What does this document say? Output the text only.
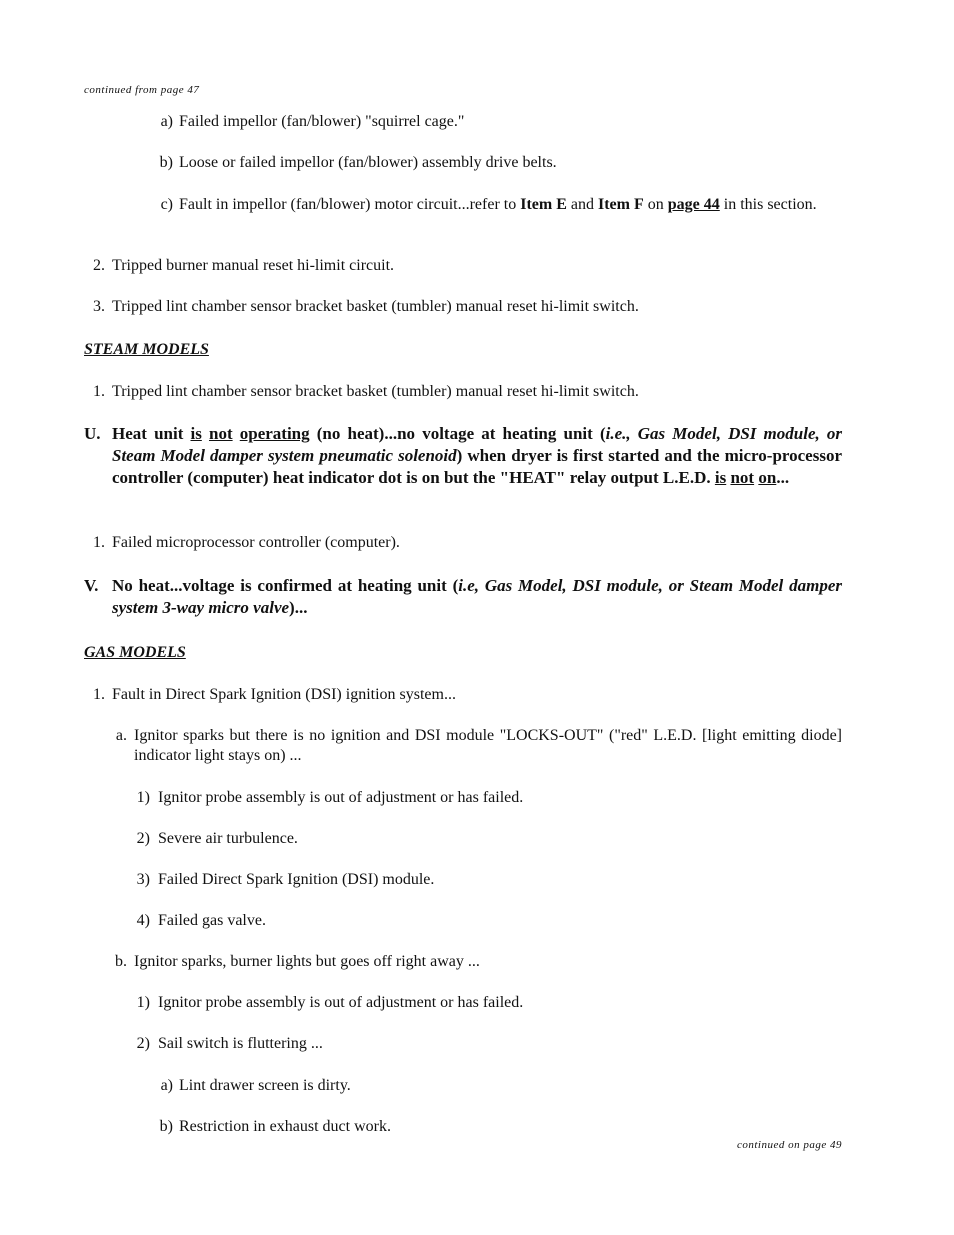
continued from page 47
a) Failed impellor (fan/blower) "squirrel cage."
b) Loose or failed impellor (fan/blower) assembly drive belts.
c) Fault in impellor (fan/blower) motor circuit...refer to Item E and Item F on page 44 in this section.
2. Tripped burner manual reset hi-limit circuit.
3. Tripped lint chamber sensor bracket basket (tumbler) manual reset hi-limit switch.
STEAM MODELS
1. Tripped lint chamber sensor bracket basket (tumbler) manual reset hi-limit switch.
U. Heat unit is not operating (no heat)...no voltage at heating unit (i.e., Gas Model, DSI module, or Steam Model damper system pneumatic solenoid) when dryer is first started and the micro-processor controller (computer) heat indicator dot is on but the "HEAT" relay output L.E.D. is not on...
1. Failed microprocessor controller (computer).
V. No heat...voltage is confirmed at heating unit (i.e, Gas Model, DSI module, or Steam Model damper system 3-way micro valve)...
GAS MODELS
1. Fault in Direct Spark Ignition (DSI) ignition system...
a. Ignitor sparks but there is no ignition and DSI module "LOCKS-OUT" ("red" L.E.D. [light emitting diode] indicator light stays on) ...
1) Ignitor probe assembly is out of adjustment or has failed.
2) Severe air turbulence.
3) Failed Direct Spark Ignition (DSI) module.
4) Failed gas valve.
b. Ignitor sparks, burner lights but goes off right away ...
1) Ignitor probe assembly is out of adjustment or has failed.
2) Sail switch is fluttering ...
a) Lint drawer screen is dirty.
b) Restriction in exhaust duct work.
continued on page 49
